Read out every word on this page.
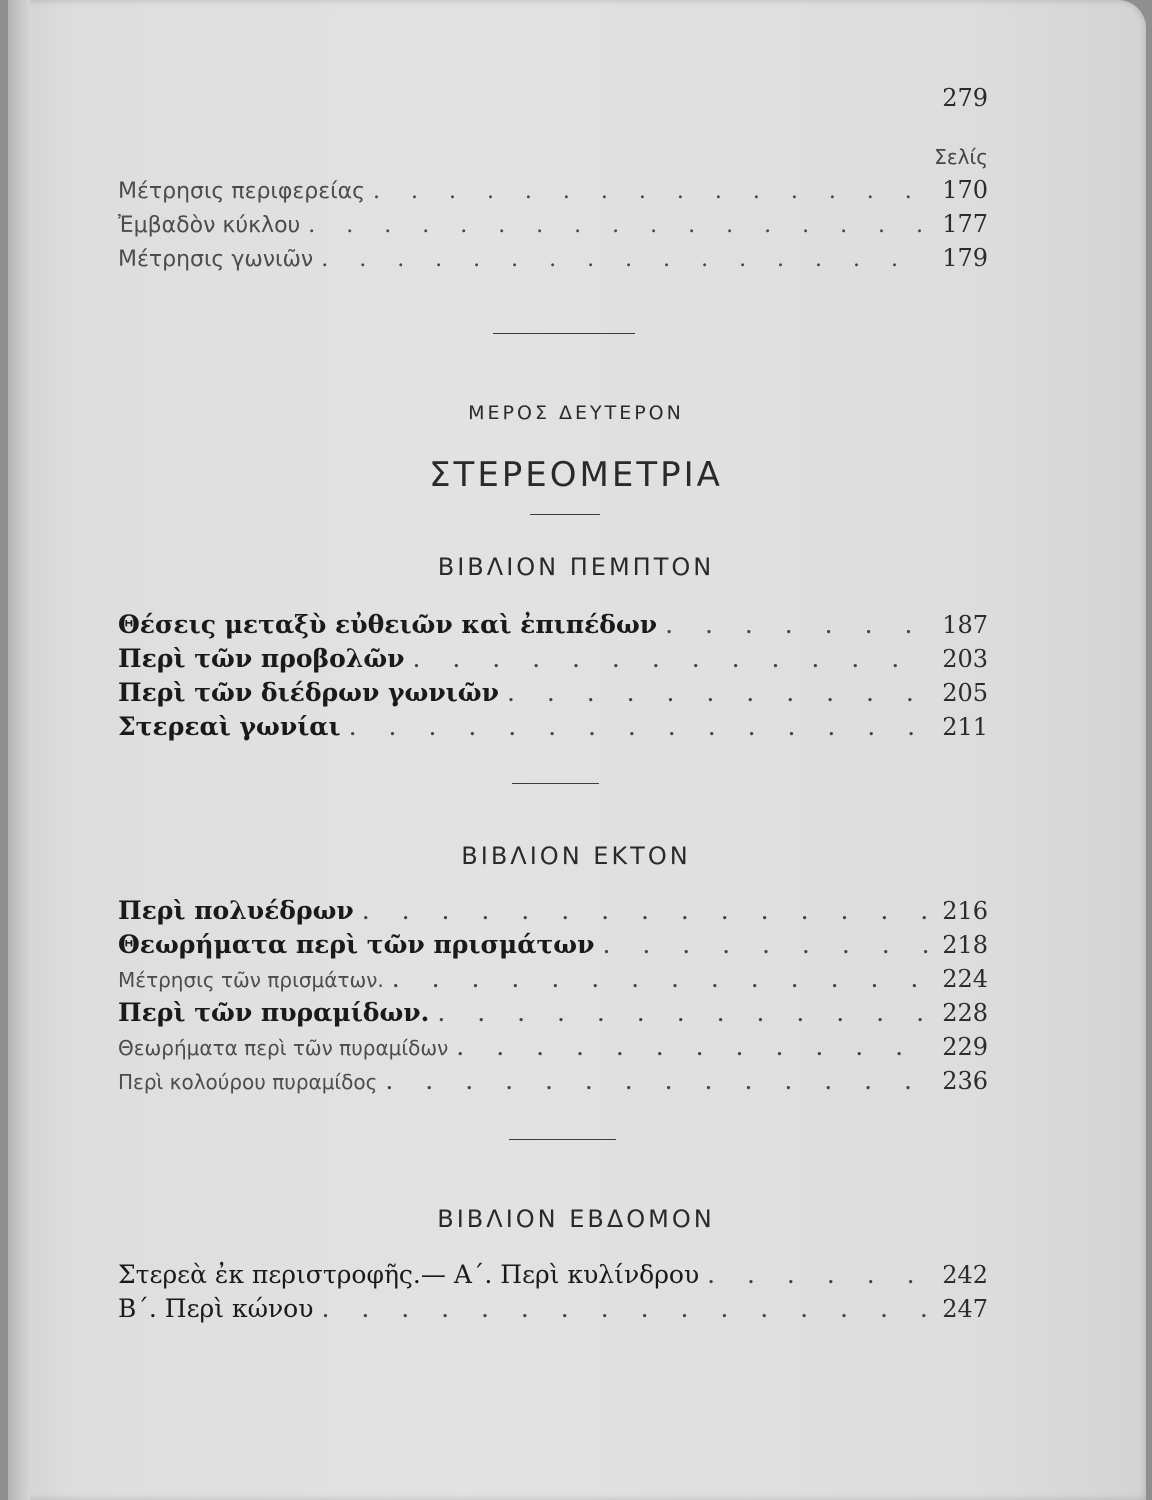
279
Σελίς
Μέτρησις περιφερείας . . .	170
Ἐμβαδὸν κύκλου . . .	177
Μέτρησις γωνιῶν . . .	179
ΜΕΡΟΣ ΔΕΥΤΕΡΟΝ
ΣΤΕΡΕΟΜΕΤΡΙΑ
ΒΙΒΛΙΟΝ ΠΕΜΠΤΟΝ
Θέσεις μεταξὺ εὐθειῶν καὶ ἐπιπέδων . . .	187
Περὶ τῶν προβολῶν . . .	203
Περὶ τῶν διέδρων γωνιῶν . . .	205
Στερεαὶ γωνίαι . . .	211
ΒΙΒΛΙΟΝ ΕΚΤΟΝ
Περὶ πολυέδρων . . .	216
Θεωρήματα περὶ τῶν πρισμάτων . . .	218
Μέτρησις τῶν πρισμάτων. . . .	224
Περὶ τῶν πυραμίδων. . . .	228
Θεωρήματα περὶ τῶν πυραμίδων . . .	229
Περὶ κολούρου πυραμίδος . . .	236
ΒΙΒΛΙΟΝ ΕΒΔΟΜΟΝ
Στερεὰ ἐκ περιστροφῆς.— Α΄. Περὶ κυλίνδρου . . .	242
Β΄. Περὶ κώνου . . .	247
